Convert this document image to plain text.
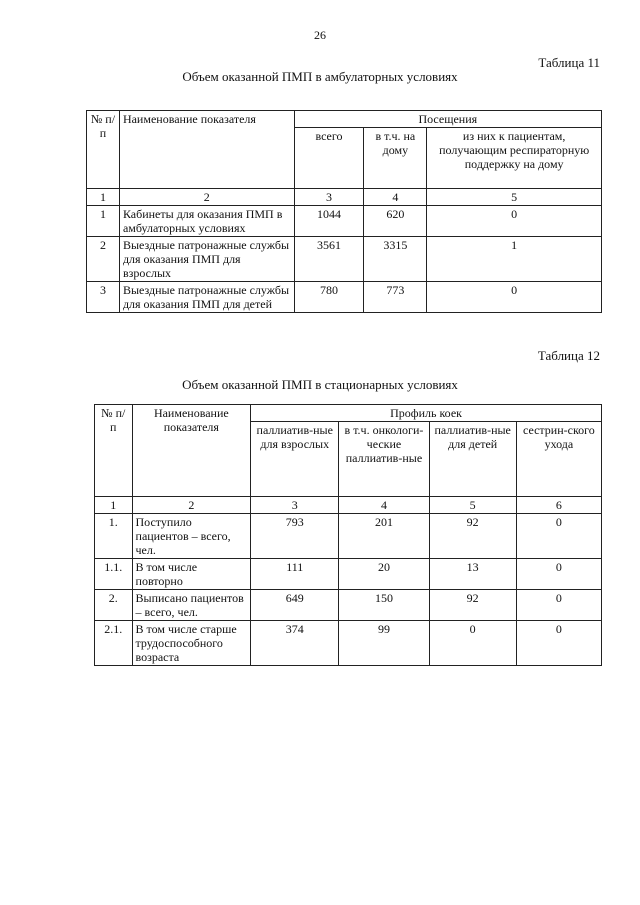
26
Таблица 11
Объем оказанной ПМП в амбулаторных условиях
№ п/п	Наименование показателя	Посещения		
		всего	в т.ч. на дому	из них к пациентам, получающим респираторную поддержку на дому
1	2	3	4	5
1	Кабинеты для оказания ПМП в амбулаторных условиях	1044	620	0
2	Выездные патронажные службы для оказания ПМП для взрослых	3561	3315	1
3	Выездные патронажные службы для оказания ПМП для детей	780	773	0
Таблица 12
Объем оказанной ПМП в стационарных условиях
№ п/п	Наименование показателя	Профиль коек			
		паллиатив-ные для взрослых	в т.ч. онкологи-ческие паллиатив-ные	паллиатив-ные для детей	сестрин-ского ухода
1	2	3	4	5	6
1.	Поступило пациентов – всего, чел.	793	201	92	0
1.1.	В том числе повторно	111	20	13	0
2.	Выписано пациентов – всего, чел.	649	150	92	0
2.1.	В том числе старше трудоспособного возраста	374	99	0	0
